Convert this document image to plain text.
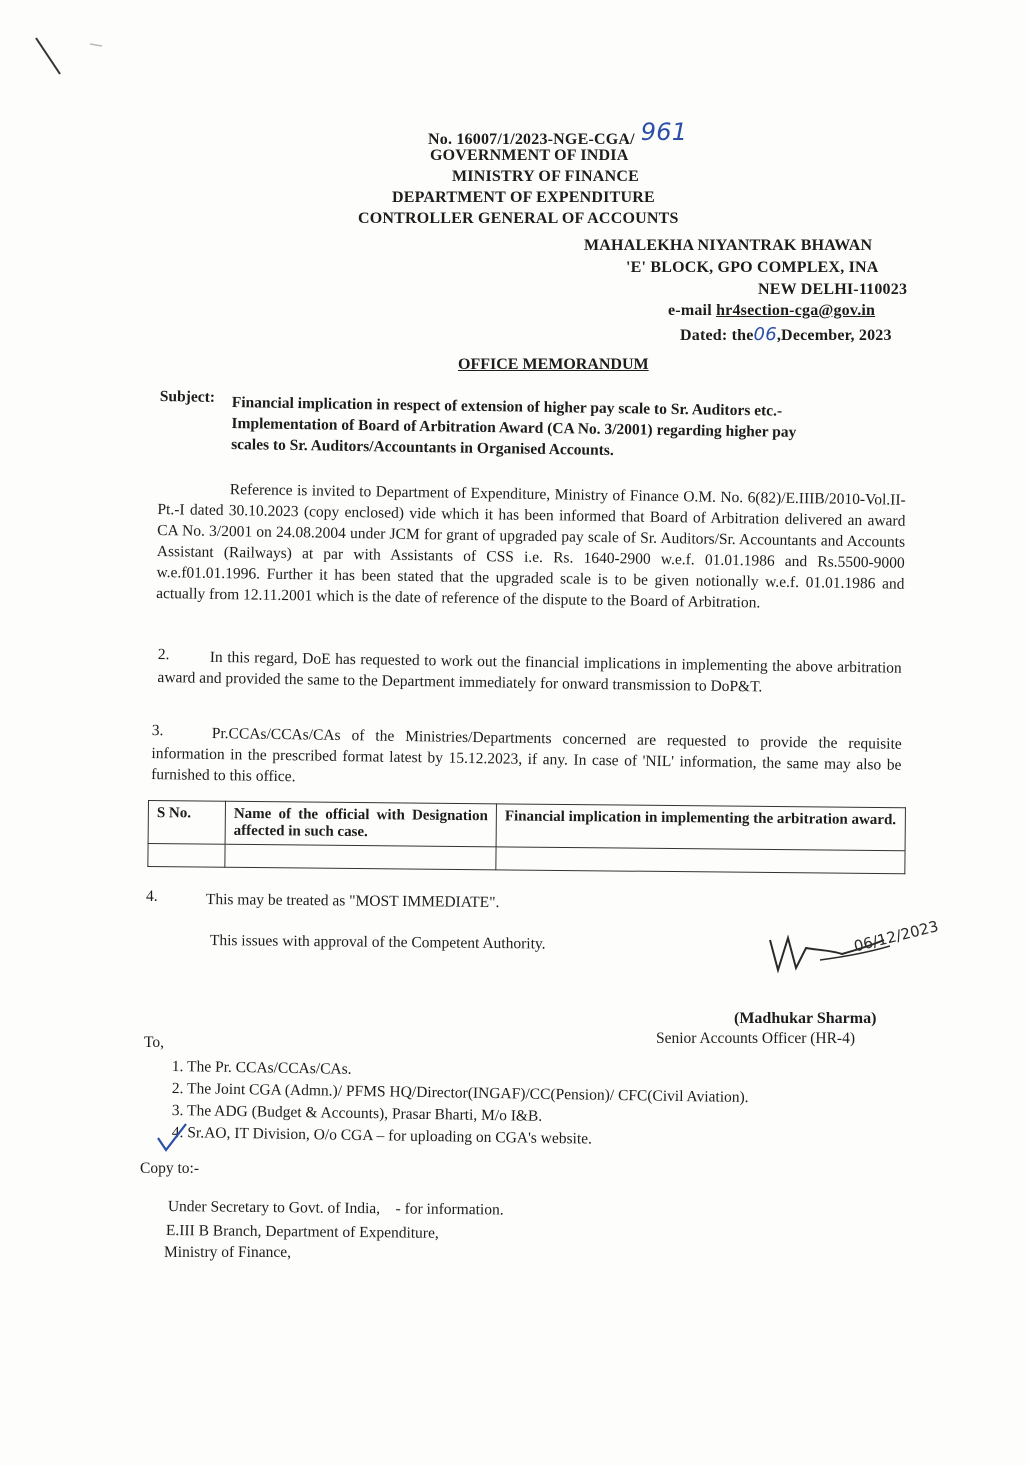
No. 16007/1/2023-NGE-CGA/ 961
GOVERNMENT OF INDIA
MINISTRY OF FINANCE
DEPARTMENT OF EXPENDITURE
CONTROLLER GENERAL OF ACCOUNTS
MAHALEKHA NIYANTRAK BHAWAN
'E' BLOCK, GPO COMPLEX, INA
NEW DELHI-110023
e-mail hr4section-cga@gov.in
Dated: the06,December, 2023
OFFICE MEMORANDUM
Subject: Financial implication in respect of extension of higher pay scale to Sr. Auditors etc.-
Implementation of Board of Arbitration Award (CA No. 3/2001) regarding higher pay
scales to Sr. Auditors/Accountants in Organised Accounts.
Reference is invited to Department of Expenditure, Ministry of Finance O.M. No. 6(82)/E.IIIB/2010-Vol.II-Pt.-I dated 30.10.2023 (copy enclosed) vide which it has been informed that Board of Arbitration delivered an award CA No. 3/2001 on 24.08.2004 under JCM for grant of upgraded pay scale of Sr. Auditors/Sr. Accountants and Accounts Assistant (Railways) at par with Assistants of CSS i.e. Rs. 1640-2900 w.e.f. 01.01.1986 and Rs.5500-9000 w.e.f01.01.1996. Further it has been stated that the upgraded scale is to be given notionally w.e.f. 01.01.1986 and actually from 12.11.2001 which is the date of reference of the dispute to the Board of Arbitration.
2.	In this regard, DoE has requested to work out the financial implications in implementing the above arbitration award and provided the same to the Department immediately for onward transmission to DoP&T.
3.	Pr.CCAs/CCAs/CAs of the Ministries/Departments concerned are requested to provide the requisite information in the prescribed format latest by 15.12.2023, if any. In case of 'NIL' information, the same may also be furnished to this office.
S No.	Name of the official with Designation affected in such case.	Financial implication in implementing the arbitration award.

4.	This may be treated as "MOST IMMEDIATE".
This issues with approval of the Competent Authority.	06/12/2023
(Madhukar Sharma)
Senior Accounts Officer (HR-4)
To,
1. The Pr. CCAs/CCAs/CAs.
2. The Joint CGA (Admn.)/ PFMS HQ/Director(INGAF)/CC(Pension)/ CFC(Civil Aviation).
3. The ADG (Budget & Accounts), Prasar Bharti, M/o I&B.
4. Sr.AO, IT Division, O/o CGA – for uploading on CGA's website.
Copy to:-
Under Secretary to Govt. of India,    - for information.
E.III B Branch, Department of Expenditure,
Ministry of Finance,
